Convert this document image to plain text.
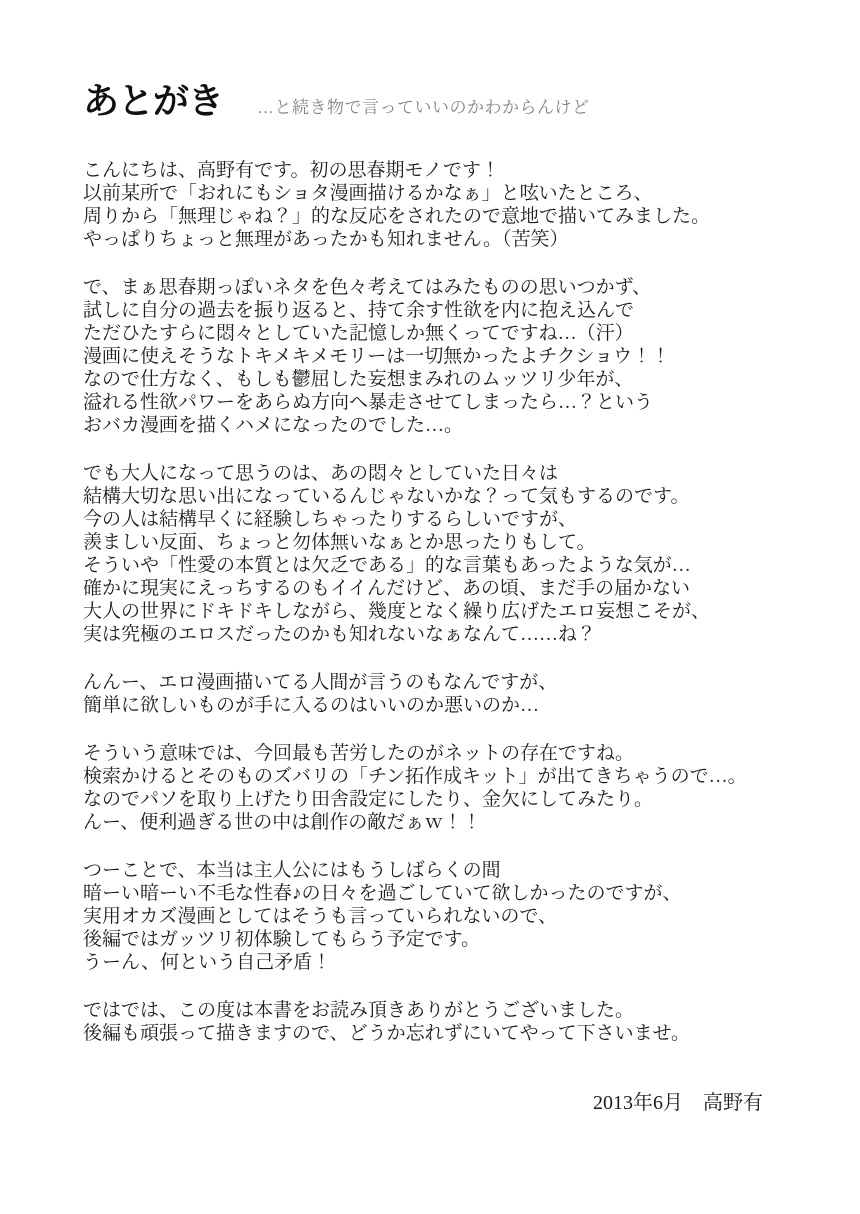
あとがき …と続き物で言っていいのかわからんけど

こんにちは、高野有です。初の思春期モノです！
以前某所で「おれにもショタ漫画描けるかなぁ」と呟いたところ、
周りから「無理じゃね？」的な反応をされたので意地で描いてみました。
やっぱりちょっと無理があったかも知れません。（苦笑）

で、まぁ思春期っぽいネタを色々考えてはみたものの思いつかず、
試しに自分の過去を振り返ると、持て余す性欲を内に抱え込んで
ただひたすらに悶々としていた記憶しか無くってですね…（汗）
漫画に使えそうなトキメキメモリーは一切無かったよチクショウ！！
なので仕方なく、もしも鬱屈した妄想まみれのムッツリ少年が、
溢れる性欲パワーをあらぬ方向へ暴走させてしまったら…？という
おバカ漫画を描くハメになったのでした…。

でも大人になって思うのは、あの悶々としていた日々は
結構大切な思い出になっているんじゃないかな？って気もするのです。
今の人は結構早くに経験しちゃったりするらしいですが、
羨ましい反面、ちょっと勿体無いなぁとか思ったりもして。
そういや「性愛の本質とは欠乏である」的な言葉もあったような気が…
確かに現実にえっちするのもイイんだけど、あの頃、まだ手の届かない
大人の世界にドキドキしながら、幾度となく繰り広げたエロ妄想こそが、
実は究極のエロスだったのかも知れないなぁなんて……ね？

んんー、エロ漫画描いてる人間が言うのもなんですが、
簡単に欲しいものが手に入るのはいいのか悪いのか…

そういう意味では、今回最も苦労したのがネットの存在ですね。
検索かけるとそのものズバリの「チン拓作成キット」が出てきちゃうので…。
なのでパソを取り上げたり田舎設定にしたり、金欠にしてみたり。
んー、便利過ぎる世の中は創作の敵だぁｗ！！

つーことで、本当は主人公にはもうしばらくの間
暗ーい暗ーい不毛な性春♪の日々を過ごしていて欲しかったのですが、
実用オカズ漫画としてはそうも言っていられないので、
後編ではガッツリ初体験してもらう予定です。
うーん、何という自己矛盾！

ではでは、この度は本書をお読み頂きありがとうございました。
後編も頑張って描きますので、どうか忘れずにいてやって下さいませ。

2013年6月　高野有
